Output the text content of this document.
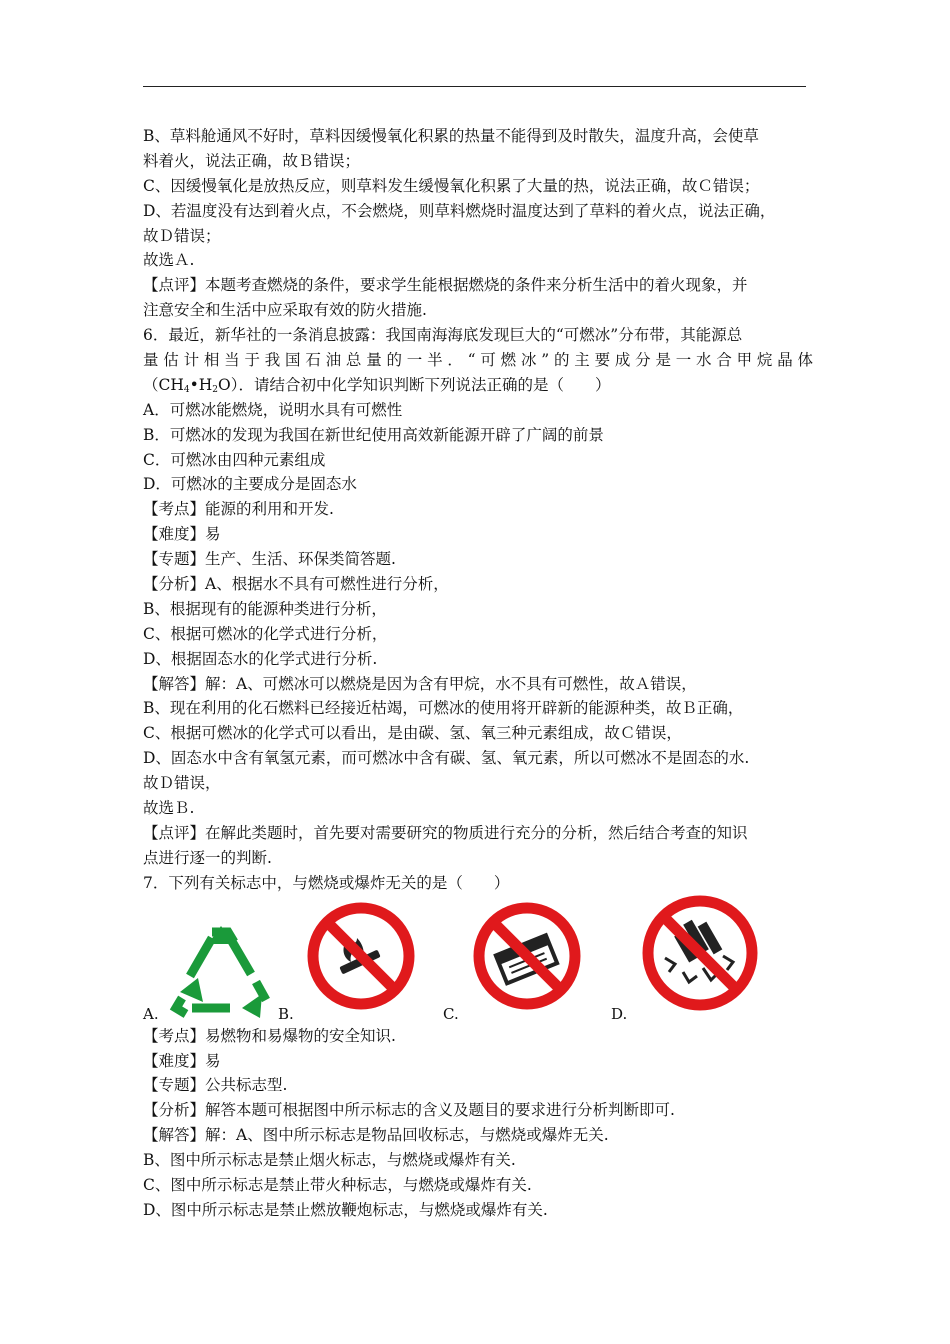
B、草料舱通风不好时，草料因缓慢氧化积累的热量不能得到及时散失，温度升高，会使草
料着火，说法正确，故Ｂ错误；
C、因缓慢氧化是放热反应，则草料发生缓慢氧化积累了大量的热，说法正确，故Ｃ错误；
D、若温度没有达到着火点，不会燃烧，则草料燃烧时温度达到了草料的着火点，说法正确，
故Ｄ错误；
故选Ａ.
【点评】本题考查燃烧的条件，要求学生能根据燃烧的条件来分析生活中的着火现象，并
注意安全和生活中应采取有效的防火措施.
6．最近，新华社的一条消息披露：我国南海海底发现巨大的“可燃冰”分布带，其能源总
量估计相当于我国石油总量的一半．“可燃冰”的主要成分是一水合甲烷晶体
$(CH_4•H_2O)$．请结合初中化学知识判断下列说法正确的是（　　）
A．可燃冰能燃烧，说明水具有可燃性
B．可燃冰的发现为我国在新世纪使用高效新能源开辟了广阔的前景
C．可燃冰由四种元素组成
D．可燃冰的主要成分是固态水
【考点】能源的利用和开发.
【难度】易
【专题】生产、生活、环保类简答题.
【分析】A、根据水不具有可燃性进行分析，
B、根据现有的能源种类进行分析，
C、根据可燃冰的化学式进行分析，
D、根据固态水的化学式进行分析.
【解答】解：A、可燃冰可以燃烧是因为含有甲烷，水不具有可燃性，故Ａ错误，
B、现在利用的化石燃料已经接近枯竭，可燃冰的使用将开辟新的能源种类，故Ｂ正确，
C、根据可燃冰的化学式可以看出，是由碳、氢、氧三种元素组成，故Ｃ错误，
D、固态水中含有氧氢元素，而可燃冰中含有碳、氢、氧元素，所以可燃冰不是固态的水.
故Ｄ错误，
故选Ｂ.
【点评】在解此类题时，首先要对需要研究的物质进行充分的分析，然后结合考查的知识
点进行逐一的判断.
7．下列有关标志中，与燃烧或爆炸无关的是（　　）
A.	B.	C.	D.
【考点】易燃物和易爆物的安全知识.
【难度】易
【专题】公共标志型.
【分析】解答本题可根据图中所示标志的含义及题目的要求进行分析判断即可.
【解答】解：A、图中所示标志是物品回收标志，与燃烧或爆炸无关.
B、图中所示标志是禁止烟火标志，与燃烧或爆炸有关.
C、图中所示标志是禁止带火种标志，与燃烧或爆炸有关.
D、图中所示标志是禁止燃放鞭炮标志，与燃烧或爆炸有关.
